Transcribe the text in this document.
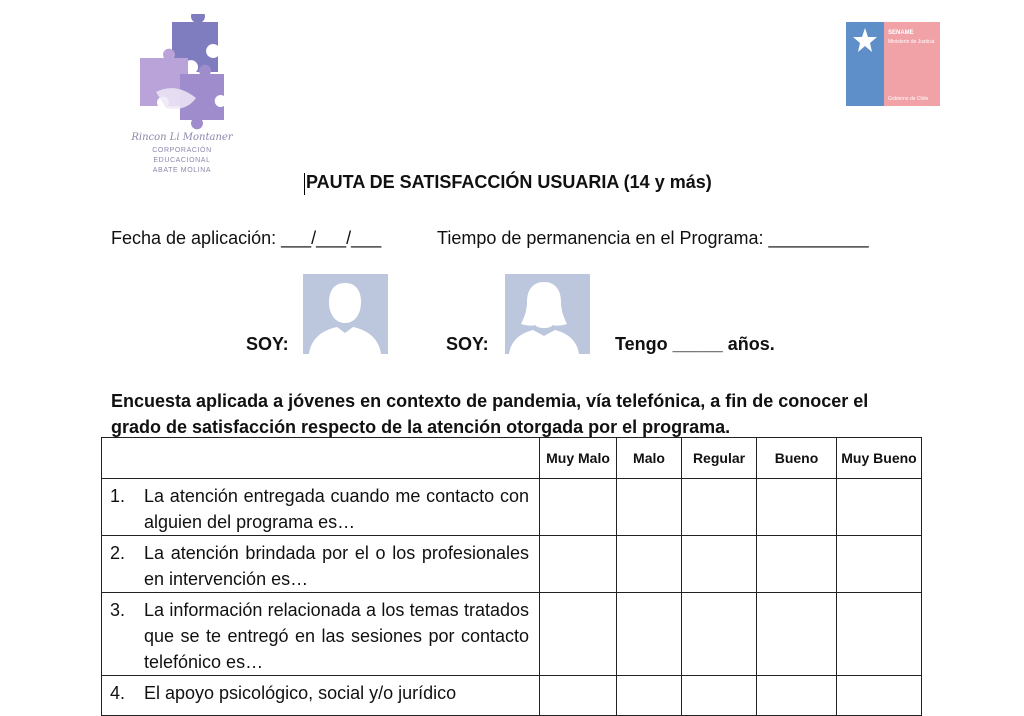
Rincon Li Montaner
CORPORACIÓN EDUCACIONAL
ABATE MOLINA
SENAME
Ministerio de Justicia
Gobierno de Chile
PAUTA DE SATISFACCIÓN USUARIA (14 y más)
Fecha de aplicación: ___/___/___	Tiempo de permanencia en el Programa: __________
SOY:	SOY:	Tengo _____ años.
Encuesta aplicada a jóvenes en contexto de pandemia, vía telefónica, a fin de conocer el grado de satisfacción respecto de la atención otorgada por el programa.
	Muy Malo	Malo	Regular	Bueno	Muy Bueno

1. La atención entregada cuando me contacto con alguien del programa es…					

2. La atención brindada por el o los profesionales en intervención es…					

3. La información relacionada a los temas tratados que se te entregó en las sesiones por contacto telefónico es…					

4. El apoyo psicológico, social y/o jurídico					
